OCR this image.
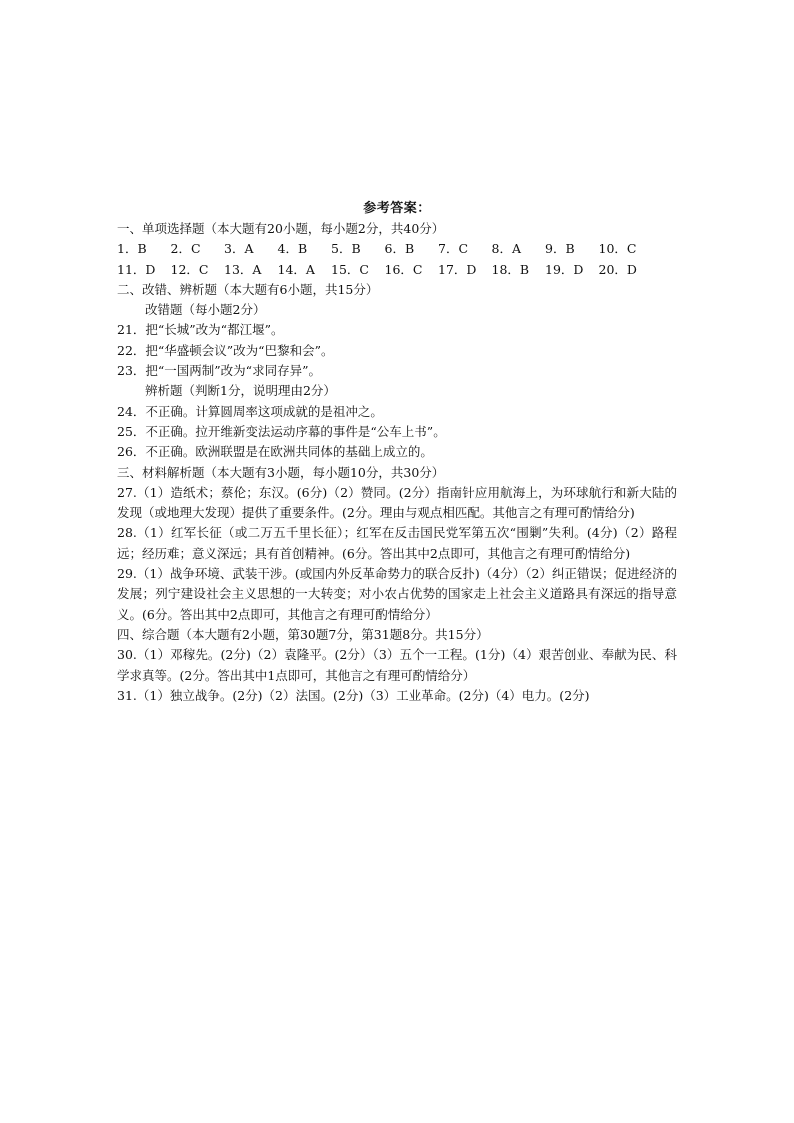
参考答案：
一、单项选择题（本大题有20小题，每小题2分，共40分）
1．B	2．C	3．A	4．B	5．B	6．B	7．C	8．A	9．B	10．C
11．D	12．C	13．A	14．A	15．C	16．C	17．D	18．B	19．D	20．D
二、改错、辨析题（本大题有6小题，共15分）
改错题（每小题2分）
21．把“长城”改为“都江堰”。
22．把“华盛顿会议”改为“巴黎和会”。
23．把“一国两制”改为“求同存异”。
辨析题（判断1分，说明理由2分）
24．不正确。计算圆周率这项成就的是祖冲之。
25．不正确。拉开维新变法运动序幕的事件是“公车上书”。
26．不正确。欧洲联盟是在欧洲共同体的基础上成立的。
三、材料解析题（本大题有3小题，每小题10分，共30分）
27.（1）造纸术；蔡伦；东汉。(6分)（2）赞同。(2分）指南针应用航海上，为环球航行和新大陆的发现（或地理大发现）提供了重要条件。(2分。理由与观点相匹配。其他言之有理可酌情给分)
28.（1）红军长征（或二万五千里长征）；红军在反击国民党军第五次“围剿”失利。(4分)（2）路程远；经历难；意义深远；具有首创精神。(6分。答出其中2点即可，其他言之有理可酌情给分)
29.（1）战争环境、武装干涉。(或国内外反革命势力的联合反扑)（4分）（2）纠正错误；促进经济的发展；列宁建设社会主义思想的一大转变；对小农占优势的国家走上社会主义道路具有深远的指导意义。(6分。答出其中2点即可，其他言之有理可酌情给分）
四、综合题（本大题有2小题，第30题7分，第31题8分。共15分）
30.（1）邓稼先。(2分)（2）袁隆平。(2分）（3）五个一工程。(1分)（4）艰苦创业、奉献为民、科学求真等。(2分。答出其中1点即可，其他言之有理可酌情给分）
31.（1）独立战争。(2分)（2）法国。(2分)（3）工业革命。(2分)（4）电力。(2分)
